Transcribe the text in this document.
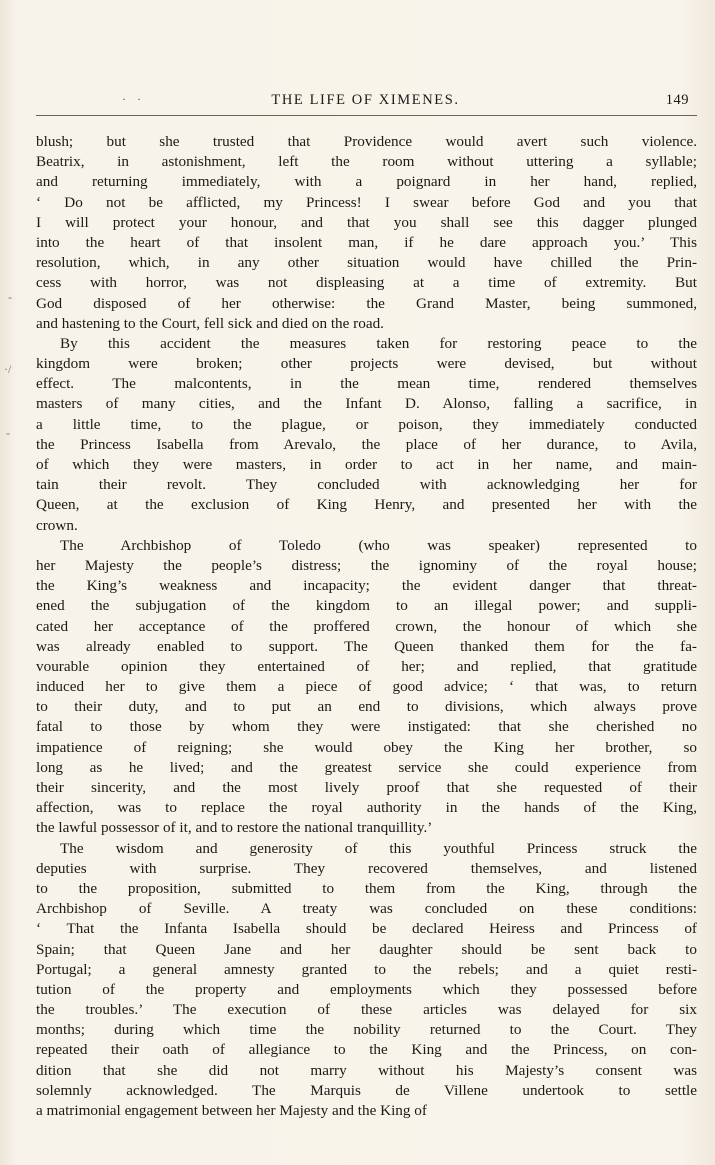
· ·	THE LIFE OF XIMENES.	149
-
-
·/
blush; but she trusted that Providence would avert such violence.
Beatrix, in astonishment, left the room without uttering a syllable;
and returning immediately, with a poignard in her hand, replied,
‘ Do not be afflicted, my Princess! I swear before God and you that
I will protect your honour, and that you shall see this dagger plunged
into the heart of that insolent man, if he dare approach you.’ This
resolution, which, in any other situation would have chilled the Prin-
cess with horror, was not displeasing at a time of extremity. But
God disposed of her otherwise: the Grand Master, being summoned,
and hastening to the Court, fell sick and died on the road.
By this accident the measures taken for restoring peace to the
kingdom were broken; other projects were devised, but without
effect. The malcontents, in the mean time, rendered themselves
masters of many cities, and the Infant D. Alonso, falling a sacrifice, in
a little time, to the plague, or poison, they immediately conducted
the Princess Isabella from Arevalo, the place of her durance, to Avila,
of which they were masters, in order to act in her name, and main-
tain their revolt. They concluded with acknowledging her for
Queen, at the exclusion of King Henry, and presented her with the
crown.
The Archbishop of Toledo (who was speaker) represented to
her Majesty the people’s distress; the ignominy of the royal house;
the King’s weakness and incapacity; the evident danger that threat-
ened the subjugation of the kingdom to an illegal power; and suppli-
cated her acceptance of the proffered crown, the honour of which she
was already enabled to support. The Queen thanked them for the fa-
vourable opinion they entertained of her; and replied, that gratitude
induced her to give them a piece of good advice; ‘ that was, to return
to their duty, and to put an end to divisions, which always prove
fatal to those by whom they were instigated: that she cherished no
impatience of reigning; she would obey the King her brother, so
long as he lived; and the greatest service she could experience from
their sincerity, and the most lively proof that she requested of their
affection, was to replace the royal authority in the hands of the King,
the lawful possessor of it, and to restore the national tranquillity.’
The wisdom and generosity of this youthful Princess struck the
deputies with surprise. They recovered themselves, and listened
to the proposition, submitted to them from the King, through the
Archbishop of Seville. A treaty was concluded on these conditions:
‘ That the Infanta Isabella should be declared Heiress and Princess of
Spain; that Queen Jane and her daughter should be sent back to
Portugal; a general amnesty granted to the rebels; and a quiet resti-
tution of the property and employments which they possessed before
the troubles.’ The execution of these articles was delayed for six
months; during which time the nobility returned to the Court. They
repeated their oath of allegiance to the King and the Princess, on con-
dition that she did not marry without his Majesty’s consent was
solemnly acknowledged. The Marquis de Villene undertook to settle
a matrimonial engagement between her Majesty and the King of
